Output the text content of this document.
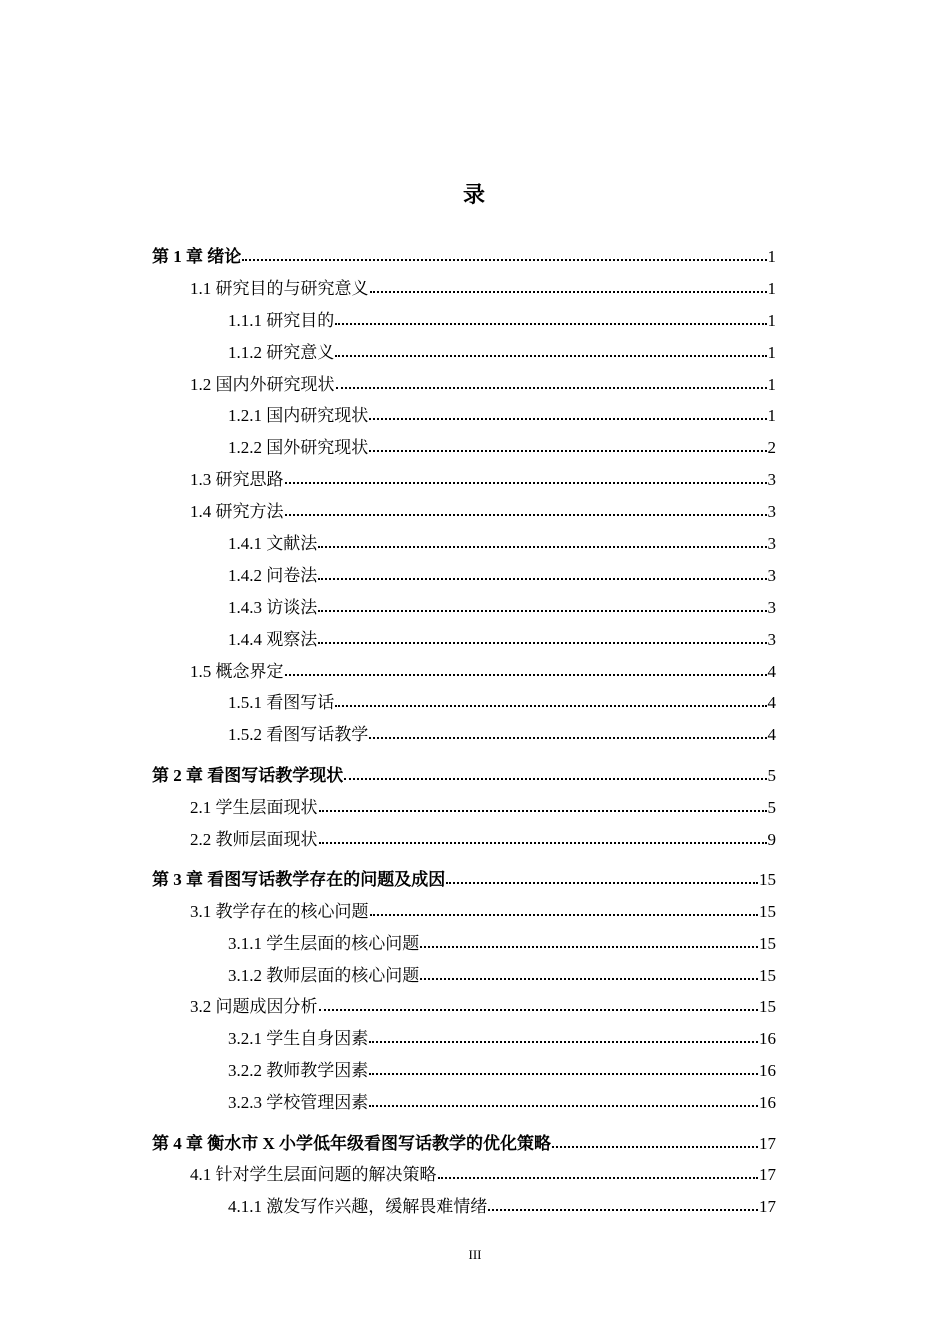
录
第 1 章 绪论	1
1.1 研究目的与研究意义	1
1.1.1 研究目的	1
1.1.2 研究意义	1
1.2 国内外研究现状	1
1.2.1 国内研究现状	1
1.2.2 国外研究现状	2
1.3 研究思路	3
1.4 研究方法	3
1.4.1 文献法	3
1.4.2 问卷法	3
1.4.3 访谈法	3
1.4.4 观察法	3
1.5 概念界定	4
1.5.1 看图写话	4
1.5.2 看图写话教学	4
第 2 章 看图写话教学现状	5
2.1 学生层面现状	5
2.2 教师层面现状	9
第 3 章 看图写话教学存在的问题及成因	15
3.1 教学存在的核心问题	15
3.1.1 学生层面的核心问题	15
3.1.2 教师层面的核心问题	15
3.2 问题成因分析	15
3.2.1 学生自身因素	16
3.2.2 教师教学因素	16
3.2.3 学校管理因素	16
第 4 章 衡水市 X 小学低年级看图写话教学的优化策略	17
4.1 针对学生层面问题的解决策略	17
4.1.1 激发写作兴趣，缓解畏难情绪	17
III
